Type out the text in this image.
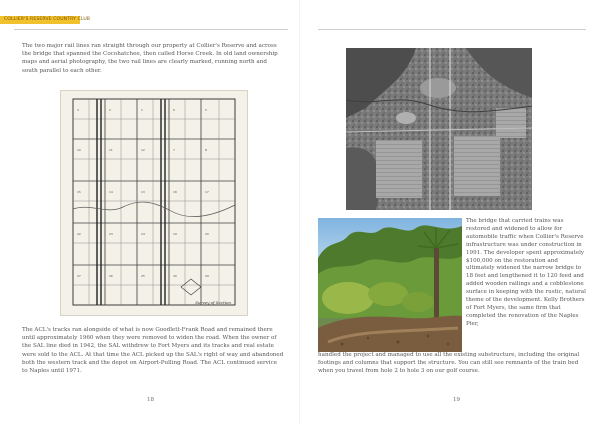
COLLIER'S RESERVE COUNTRY CLUB

The two major rail lines ran straight through our property at Collier's Reserve and across the bridge that spanned the Cocohatchee, then called Horse Creek. In old land ownership maps and aerial photography, the two rail lines are clearly marked, running north and south parallel to each other.

3	2	1	6	5
10	11	12	7	8
15	14	13	18	17
22	23	24	19	20
27	26	25	30	29
Survey of Section

The ACL's tracks ran alongside of what is now Goodlett-Frank Road and remained there until approximately 1960 when they were removed to widen the road. When the owner of the SAL line died in 1942, the SAL withdrew to Fort Myers and its tracks and real estate were sold to the ACL. At that time the ACL picked up the SAL's right of way and abandoned both the western track and the depot on Airport-Pulling Road. The ACL continued service to Naples until 1971.

18

The bridge that carried trains was restored and widened to allow for automobile traffic when Collier's Reserve infrastructure was under construction in 1991. The developer spent approximately $100,000 on the restoration and ultimately widened the narrow bridge to 18 feet and lengthened it to 120 feed and added wooden railings and a cobblestone surface in keeping with the rustic, natural theme of the development. Kelly Brothers of Fort Myers, the same firm that completed the renovation of the Naples Pier,

handled the project and managed to use all the existing substructure, including the original footings and columns that support the structure. You can still see remnants of the train bed when you travel from hole 2 to hole 3 on our golf course.

19
